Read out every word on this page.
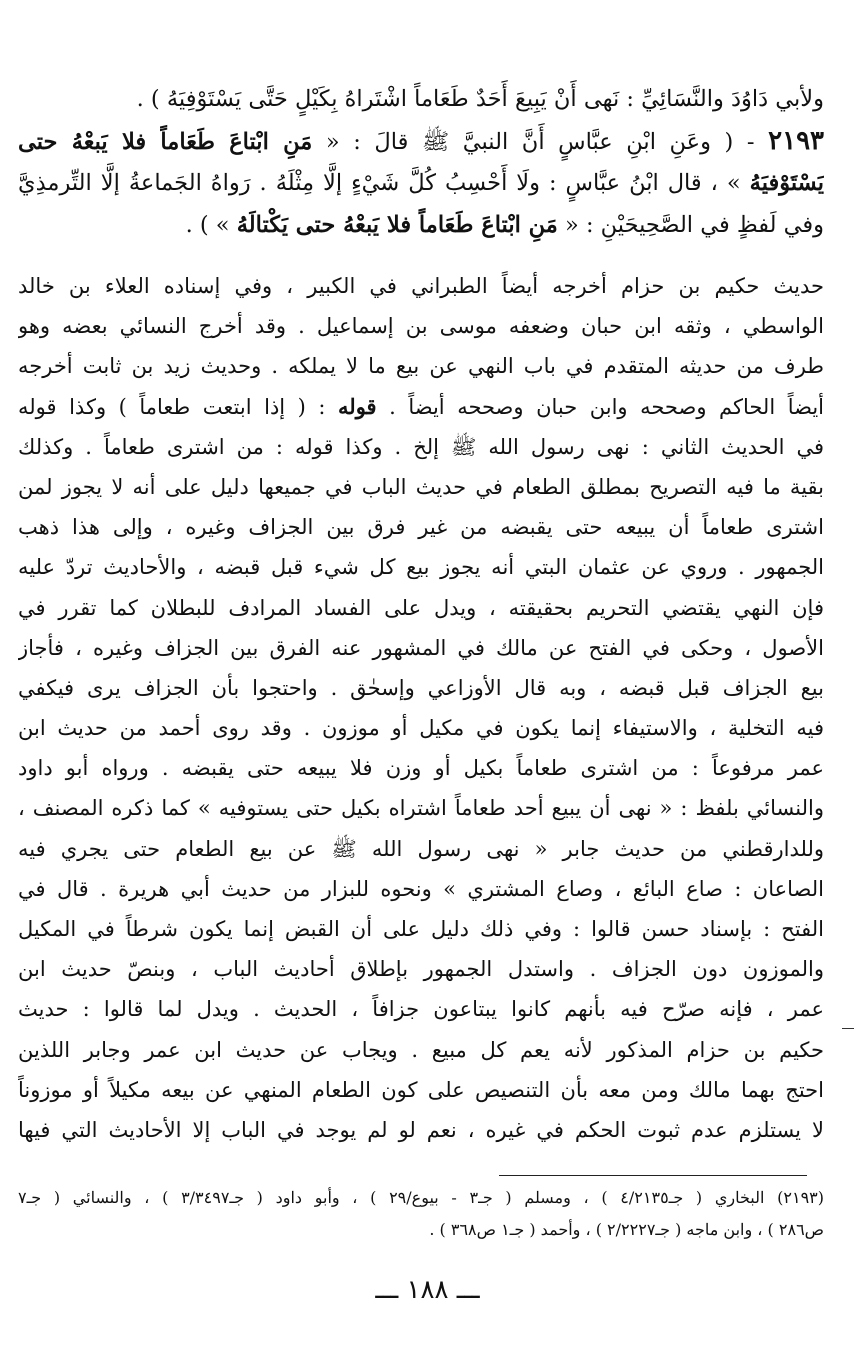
ولأبي دَاوُدَ والنَّسَائِيِّ : نَهى أَنْ يَبِيعَ أَحَدٌ طَعَاماً اشْتَراهُ بِكَيْلٍ حَتَّى يَسْتَوْفِيَهُ ) .
٢١٩٣ - ( وعَنِ ابْنِ عبَّاسٍ أَنَّ النبيَّ ﷺ قالَ : « مَنِ ابْتاعَ طَعَاماً فلا يَبعْهُ حتى
يَسْتَوْفيَهُ » ، قال ابْنُ عبَّاسٍ : ولَا أَحْسِبُ كُلَّ شَيْءٍ إلَّا مِثْلَهُ . رَواهُ الجَماعةُ إلَّا التِّرمذِيَّ
وفي لَفظٍ في الصَّحِيحَيْنِ : « مَنِ ابْتاعَ طَعَاماً فلا يَبعْهُ حتى يَكْتالَهُ » ) .
حديث حكيم بن حزام أخرجه أيضاً الطبراني في الكبير ، وفي إسناده العلاء بن خالد
الواسطي ، وثقه ابن حبان وضعفه موسى بن إسماعيل . وقد أخرج النسائي بعضه وهو
طرف من حديثه المتقدم في باب النهي عن بيع ما لا يملكه . وحديث زيد بن ثابت أخرجه
أيضاً الحاكم وصححه وابن حبان وصححه أيضاً . قوله : ( إذا ابتعت طعاماً ) وكذا قوله
في الحديث الثاني : نهى رسول الله ﷺ إلخ . وكذا قوله : من اشترى طعاماً . وكذلك
بقية ما فيه التصريح بمطلق الطعام في حديث الباب في جميعها دليل على أنه لا يجوز لمن
اشترى طعاماً أن يبيعه حتى يقبضه من غير فرق بين الجزاف وغيره ، وإلى هذا ذهب
الجمهور . وروي عن عثمان البتي أنه يجوز بيع كل شيء قبل قبضه ، والأحاديث تردّ عليه
فإن النهي يقتضي التحريم بحقيقته ، ويدل على الفساد المرادف للبطلان كما تقرر في
الأصول ، وحكى في الفتح عن مالك في المشهور عنه الفرق بين الجزاف وغيره ، فأجاز
بيع الجزاف قبل قبضه ، وبه قال الأوزاعي وإسحٰق . واحتجوا بأن الجزاف يرى فيكفي
فيه التخلية ، والاستيفاء إنما يكون في مكيل أو موزون . وقد روى أحمد من حديث ابن
عمر مرفوعاً : من اشترى طعاماً بكيل أو وزن فلا يبيعه حتى يقبضه . ورواه أبو داود
والنسائي بلفظ : « نهى أن يبيع أحد طعاماً اشتراه بكيل حتى يستوفيه » كما ذكره المصنف ،
وللدارقطني من حديث جابر « نهى رسول الله ﷺ عن بيع الطعام حتى يجري فيه
الصاعان : صاع البائع ، وصاع المشتري » ونحوه للبزار من حديث أبي هريرة . قال في
الفتح : بإسناد حسن قالوا : وفي ذلك دليل على أن القبض إنما يكون شرطاً في المكيل
والموزون دون الجزاف . واستدل الجمهور بإطلاق أحاديث الباب ، وبنصّ حديث ابن
عمر ، فإنه صرّح فيه بأنهم كانوا يبتاعون جزافاً ، الحديث . ويدل لما قالوا : حديث
حكيم بن حزام المذكور لأنه يعم كل مبيع . ويجاب عن حديث ابن عمر وجابر اللذين
احتج بهما مالك ومن معه بأن التنصيص على كون الطعام المنهي عن بيعه مكيلاً أو موزوناً
لا يستلزم عدم ثبوت الحكم في غيره ، نعم لو لم يوجد في الباب إلا الأحاديث التي فيها
(٢١٩٣) البخاري ( جـ٤/٢١٣٥ ) ، ومسلم ( جـ٣ - بيوع/٢٩ ) ، وأبو داود ( جـ٣/٣٤٩٧ ) ، والنسائي ( جـ٧
ص٢٨٦ ) ، وابن ماجه ( جـ٢/٢٢٢٧ ) ، وأحمد ( جـ١ ص٣٦٨ ) .
ـــ ١٨٨ ـــ
